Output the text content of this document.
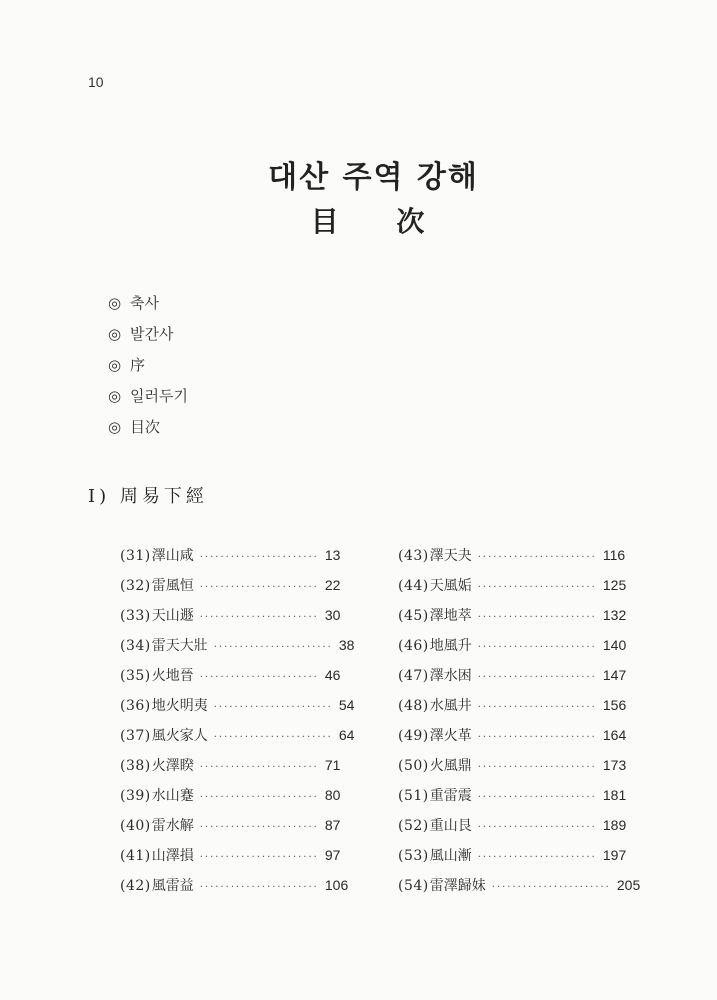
10
대산 주역 강해
目 次
◎ 축사
◎ 발간사
◎ 序
◎ 일러두기
◎ 目次
I) 周易下經
(31) 澤山咸 ······················· 13
(32) 雷風恒 ······················· 22
(33) 天山遯 ······················· 30
(34) 雷天大壯 ······················· 38
(35) 火地晉 ······················· 46
(36) 地火明夷 ······················· 54
(37) 風火家人 ······················· 64
(38) 火澤睽 ······················· 71
(39) 水山蹇 ······················· 80
(40) 雷水解 ······················· 87
(41) 山澤損 ······················· 97
(42) 風雷益 ······················· 106
(43) 澤天夬 ······················· 116
(44) 天風姤 ······················· 125
(45) 澤地萃 ······················· 132
(46) 地風升 ······················· 140
(47) 澤水困 ······················· 147
(48) 水風井 ······················· 156
(49) 澤火革 ······················· 164
(50) 火風鼎 ······················· 173
(51) 重雷震 ······················· 181
(52) 重山艮 ······················· 189
(53) 風山漸 ······················· 197
(54) 雷澤歸妹 ······················· 205
